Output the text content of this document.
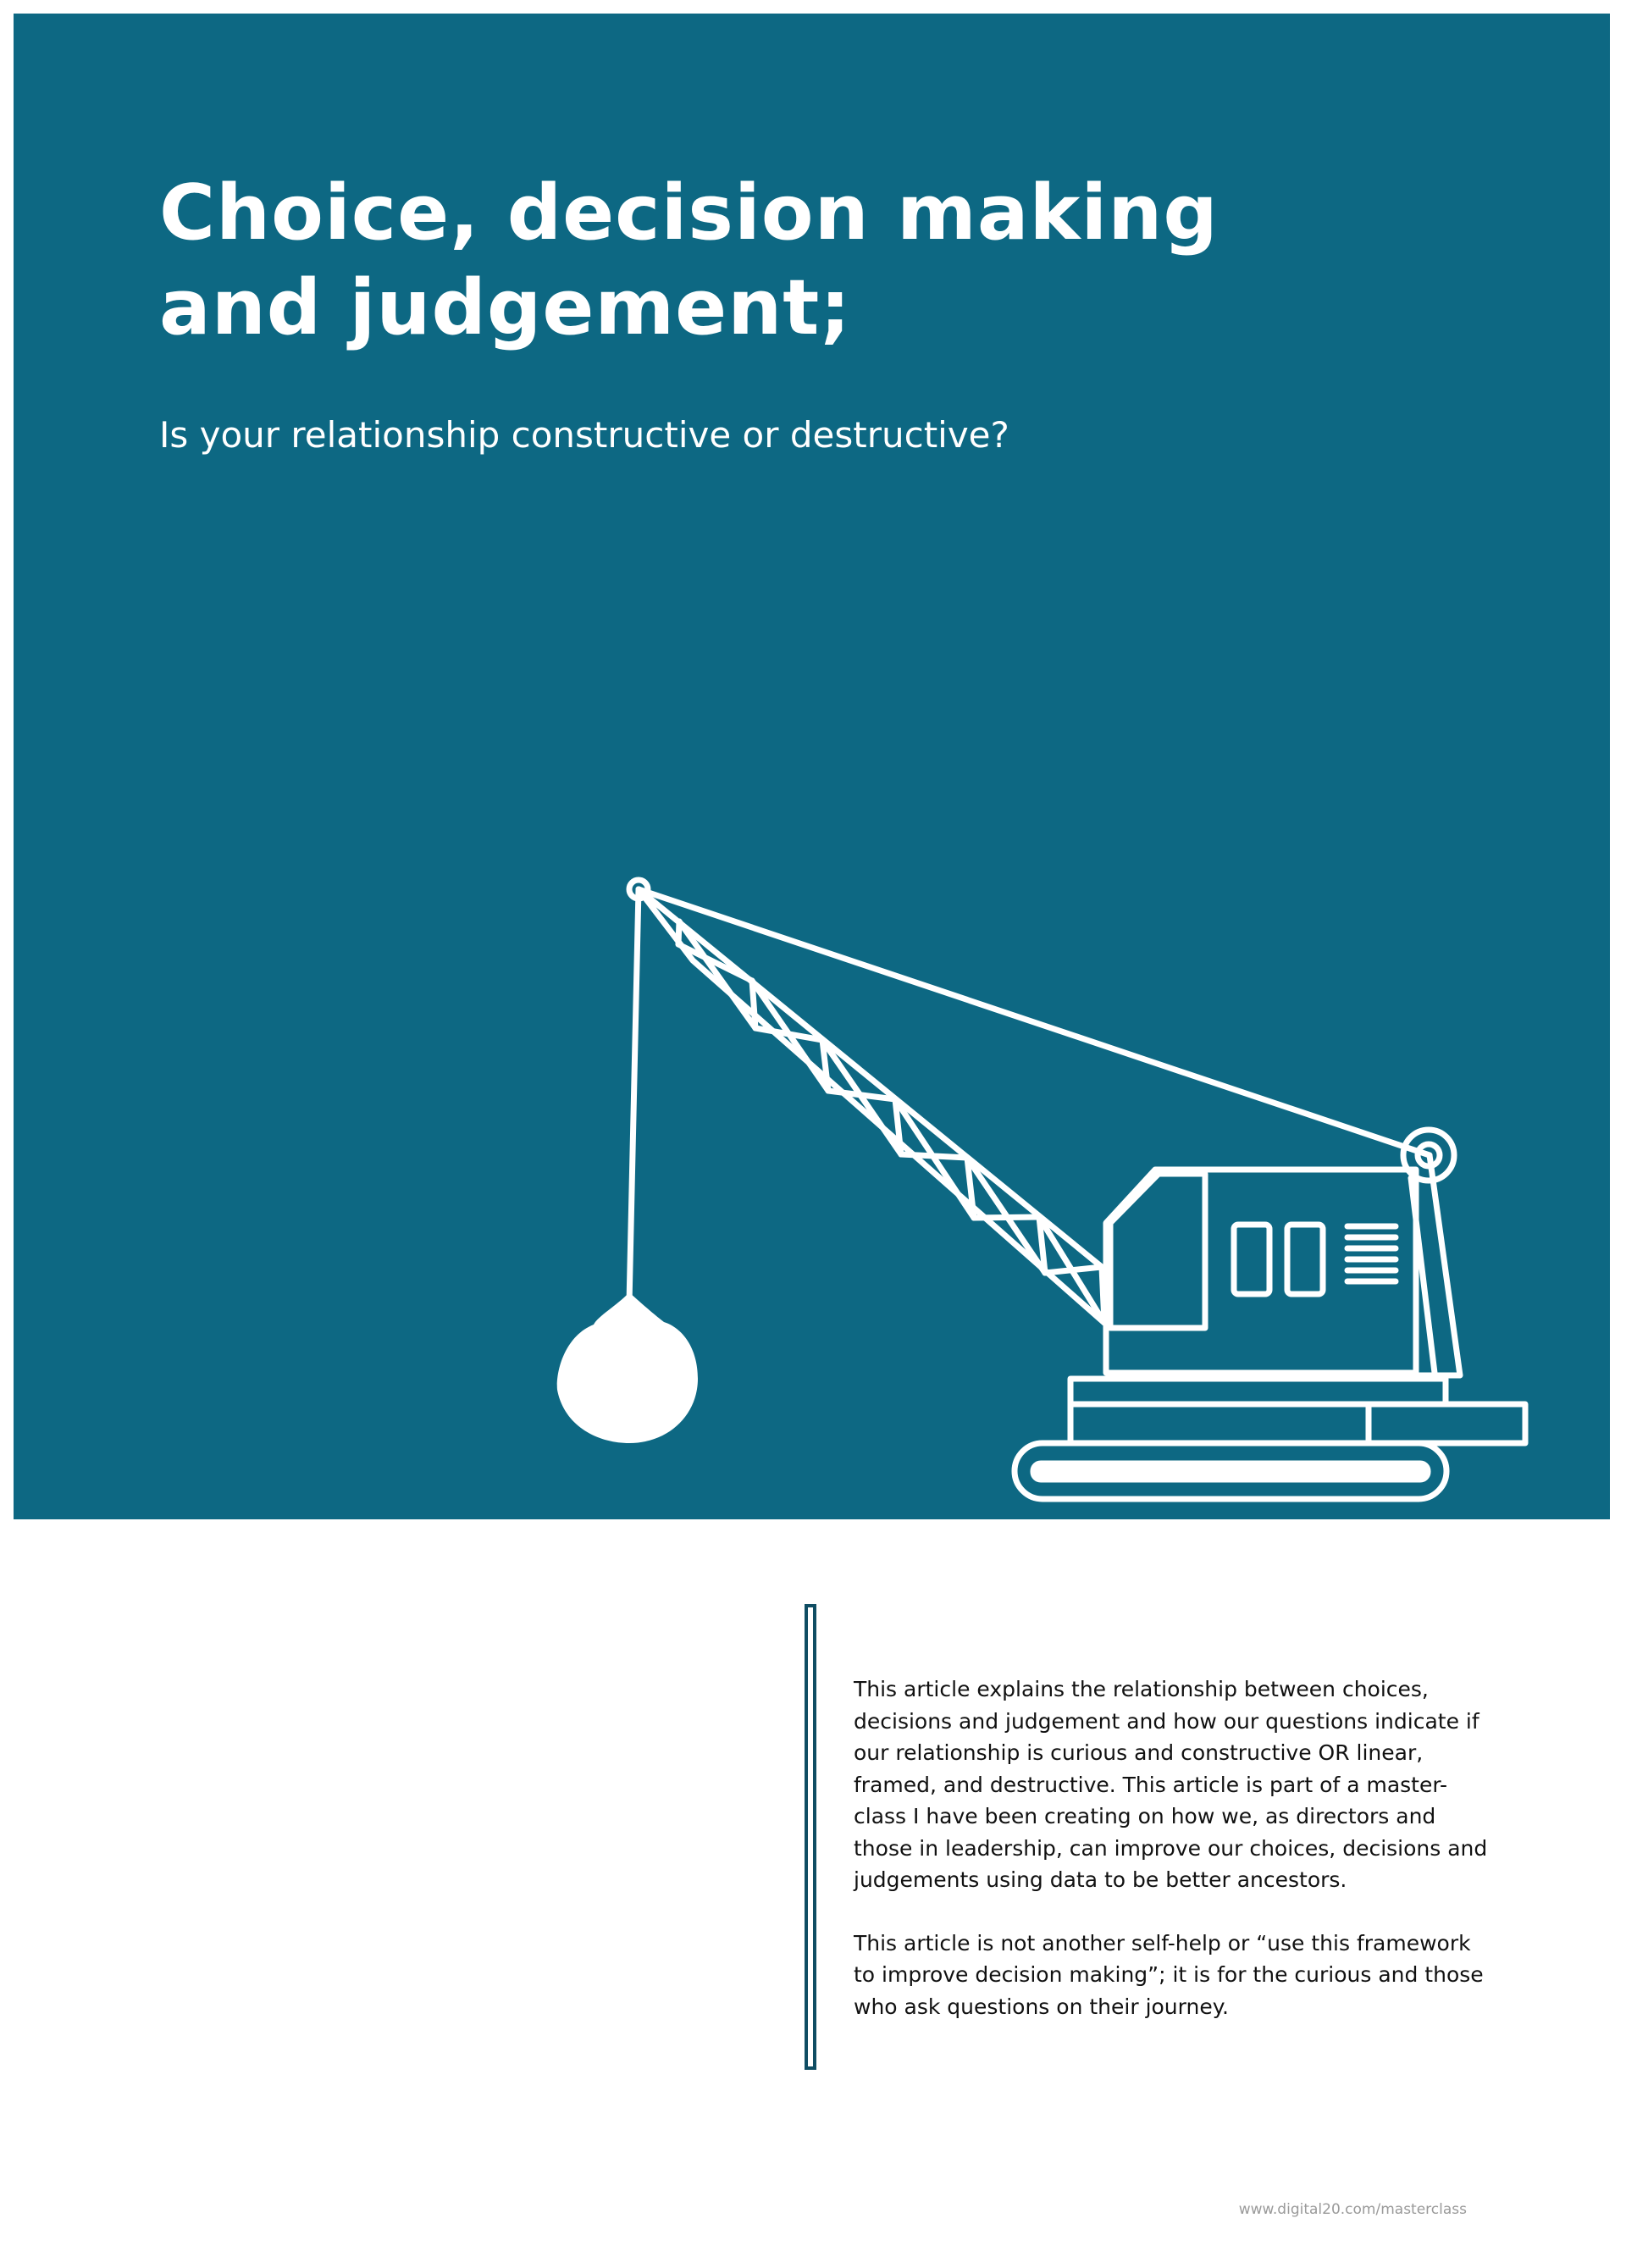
Choice, decision making and judgement;
Is your relationship constructive or destructive?

This article explains the relationship between choices, decisions and judgement and how our questions indicate if our relationship is curious and constructive OR linear, framed, and destructive. This article is part of a master-class I have been creating on how we, as directors and those in leadership, can improve our choices, decisions and judgements using data to be better ancestors.

This article is not another self-help or “use this framework to improve decision making”; it is for the curious and those who ask questions on their journey.

www.digital20.com/masterclass
